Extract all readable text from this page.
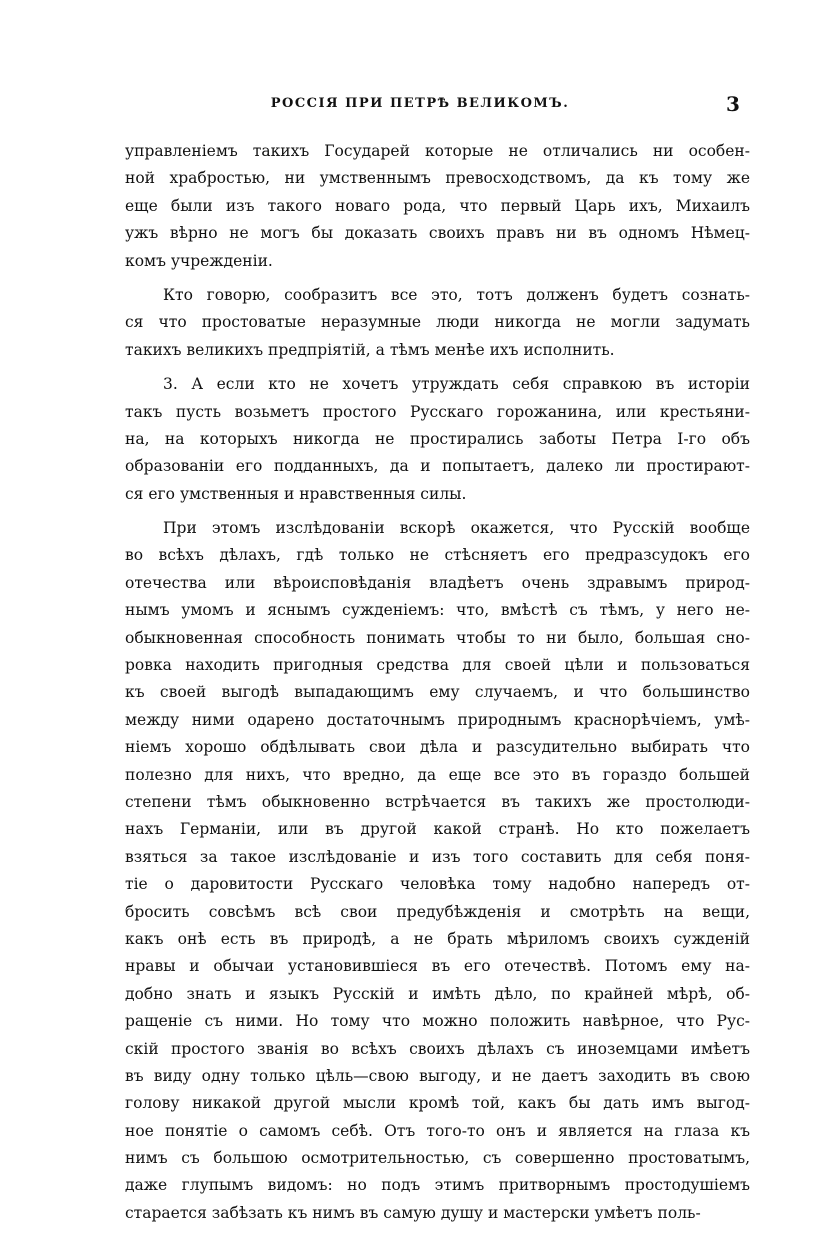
РОССІЯ ПРИ ПЕТРѢ ВЕЛИКОМЪ.	3
управленіемъ такихъ Государей которые не отличались ни особен-
ной храбростью, ни умственнымъ превосходствомъ, да къ тому же
еще были изъ такого новаго рода, что первый Царь ихъ, Михаилъ
ужъ вѣрно не могъ бы доказать своихъ правъ ни въ одномъ Нѣмец-
комъ учрежденіи.
Кто говорю, сообразитъ все это, тотъ долженъ будетъ сознать-
ся что простоватые неразумные люди никогда не могли задумать
такихъ великихъ предпріятій, а тѣмъ менѣе ихъ исполнить.
3. А если кто не хочетъ утруждать себя справкою въ исторіи
такъ пусть возьметъ простого Русскаго горожанина, или крестьяни-
на, на которыхъ никогда не простирались заботы Петра I-го объ
образованіи его подданныхъ, да и попытаетъ, далеко ли простирают-
ся его умственныя и нравственныя силы.
При этомъ изслѣдованіи вскорѣ окажется, что Русскій вообще
во всѣхъ дѣлахъ, гдѣ только не стѣсняетъ его предразсудокъ его
отечества или вѣроисповѣданія владѣетъ очень здравымъ природ-
нымъ умомъ и яснымъ сужденіемъ: что, вмѣстѣ съ тѣмъ, у него не-
обыкновенная способность понимать чтобы то ни было, большая сно-
ровка находить пригодныя средства для своей цѣли и пользоваться
къ своей выгодѣ выпадающимъ ему случаемъ, и что большинство
между ними одарено достаточнымъ природнымъ краснорѣчіемъ, умѣ-
ніемъ хорошо обдѣлывать свои дѣла и разсудительно выбирать что
полезно для нихъ, что вредно, да еще все это въ гораздо большей
степени тѣмъ обыкновенно встрѣчается въ такихъ же простолюди-
нахъ Германіи, или въ другой какой странѣ. Но кто пожелаетъ
взяться за такое изслѣдованіе и изъ того составить для себя поня-
тіе о даровитости Русскаго человѣка тому надобно напередъ от-
бросить совсѣмъ всѣ свои предубѣжденія и смотрѣть на вещи,
какъ онѣ есть въ природѣ, а не брать мѣриломъ своихъ сужденій
нравы и обычаи установившіеся въ его отечествѣ. Потомъ ему на-
добно знать и языкъ Русскій и имѣть дѣло, по крайней мѣрѣ, об-
ращеніе съ ними. Но тому что можно положить навѣрное, что Рус-
скій простого званія во всѣхъ своихъ дѣлахъ съ иноземцами имѣетъ
въ виду одну только цѣль—свою выгоду, и не даетъ заходить въ свою
голову никакой другой мысли кромѣ той, какъ бы дать имъ выгод-
ное понятіе о самомъ себѣ. Отъ того-то онъ и является на глаза къ
нимъ съ большою осмотрительностью, съ совершенно простоватымъ,
даже глупымъ видомъ: но подъ этимъ притворнымъ простодушіемъ
старается забѣзать къ нимъ въ самую душу и мастерски умѣетъ поль-
